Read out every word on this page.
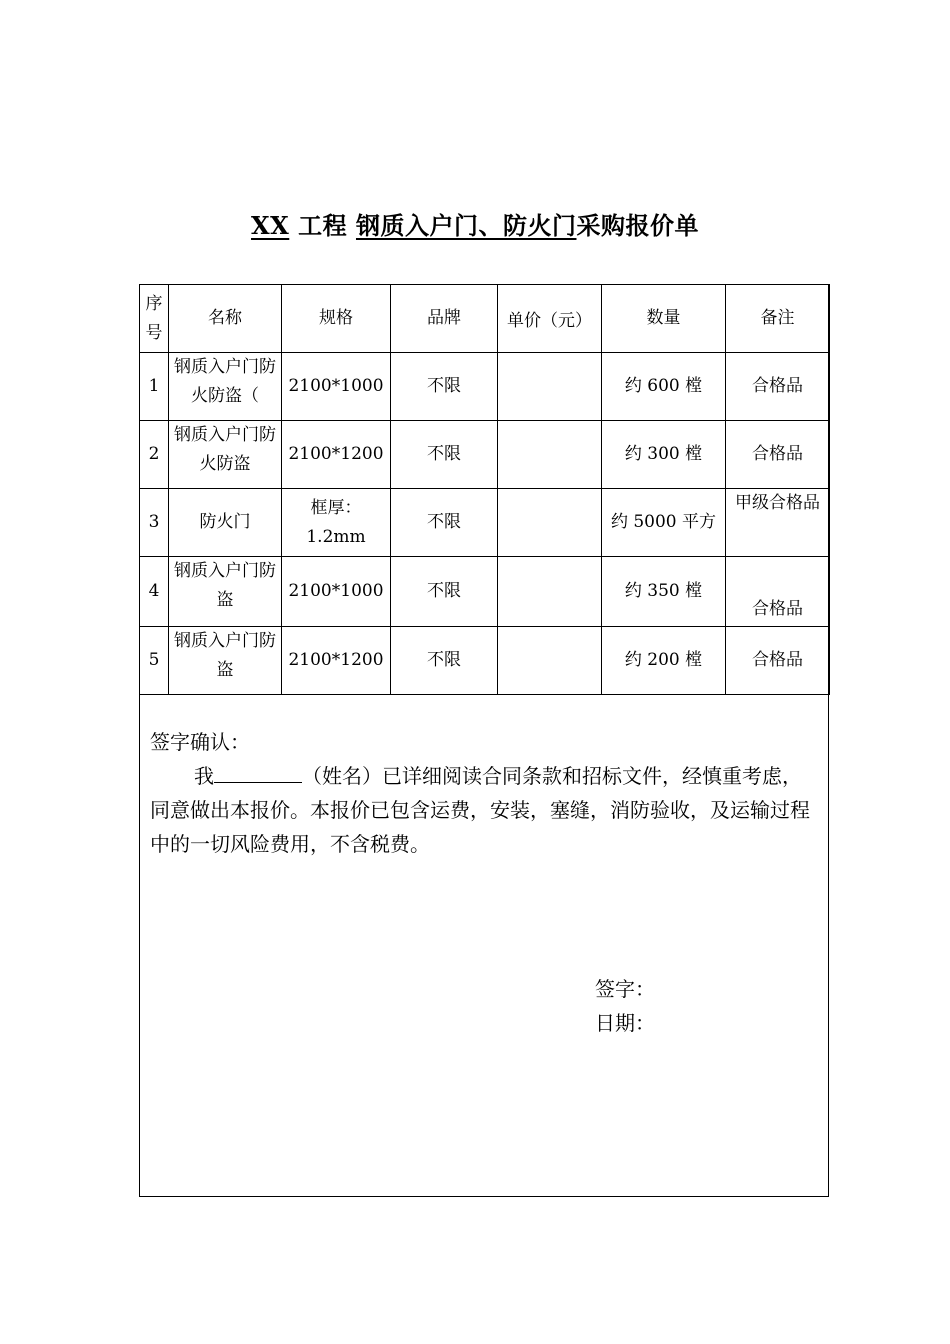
XX 工程 钢质入户门、防火门采购报价单
序号	名称	规格	品牌	单价（元）	数量	备注
1	钢质入户门防火防盗（	2100*1000	不限		约 600 樘	合格品
2	钢质入户门防火防盗	2100*1200	不限		约 300 樘	合格品
3	防火门	框厚：1.2mm	不限		约 5000 平方	甲级合格品

4	钢质入户门防盗	2100*1000	不限		约 350 樘	合格品
5	钢质入户门防盗	2100*1200	不限		约 200 樘	合格品

签字确认：

我	（姓名）已详细阅读合同条款和招标文件，经慎重考虑，同意做出本报价。本报价已包含运费，安装，塞缝，消防验收，及运输过程中的一切风险费用，不含税费。

签字：
日期：
